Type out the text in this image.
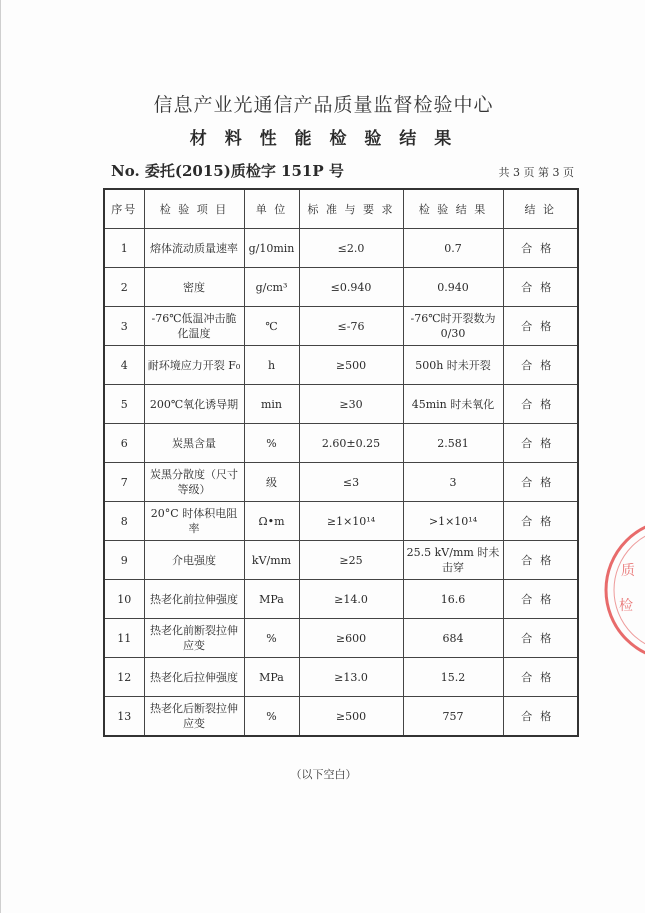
信息产业光通信产品质量监督检验中心
材 料 性 能 检 验 结 果
No. 委托(2015)质检字 151P 号	共 3 页 第 3 页
序号	检 验 项 目	单 位	标 准 与 要 求	检 验 结 果	结 论
1	熔体流动质量速率	g/10min	≤2.0	0.7	合格
2	密度	g/cm³	≤0.940	0.940	合格
3	-76℃低温冲击脆化温度	℃	≤-76	-76℃时开裂数为0/30	合格
4	耐环境应力开裂 F₀	h	≥500	500h 时未开裂	合格
5	200℃氧化诱导期	min	≥30	45min 时未氧化	合格
6	炭黑含量	%	2.60±0.25	2.581	合格
7	炭黑分散度（尺寸等级）	级	≤3	3	合格
8	20°C 时体积电阻率	Ω•m	≥1×10¹⁴	>1×10¹⁴	合格
9	介电强度	kV/mm	≥25	25.5 kV/mm 时未击穿	合格
10	热老化前拉伸强度	MPa	≥14.0	16.6	合格
11	热老化前断裂拉伸应变	%	≥600	684	合格
12	热老化后拉伸强度	MPa	≥13.0	15.2	合格
13	热老化后断裂拉伸应变	%	≥500	757	合格
（以下空白）
质
检
